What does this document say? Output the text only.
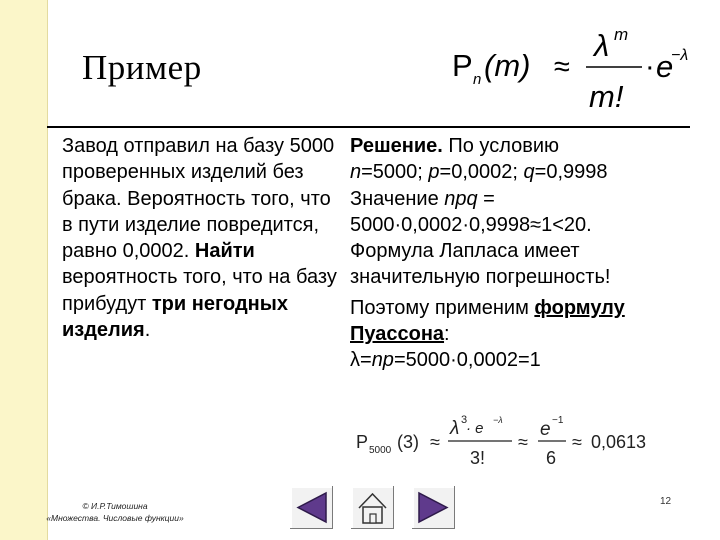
Пример	P n (m) ≈
λ m
m!
· e
−λ
Завод отправил на базу 5000 проверенных изделий без брака. Вероятность того, что в пути изделие повредится, равно 0,0002. Найти вероятность того, что на базу прибудут три негодных изделия.

Решение. По условию

n=5000; p=0,0002; q=0,9998

Значение npq =

5000·0,0002·0,9998≈1<20.

Формула Лапласа имеет значительную погрешность!

Поэтому применим формулу Пуассона:

λ=np=5000·0,0002=1

P 5000 (3) ≈
λ 3
· e −λ
3!
≈
e −1
6
≈ 0,0613
© И.Р.Тимошина
«Множества. Числовые функции»
12
